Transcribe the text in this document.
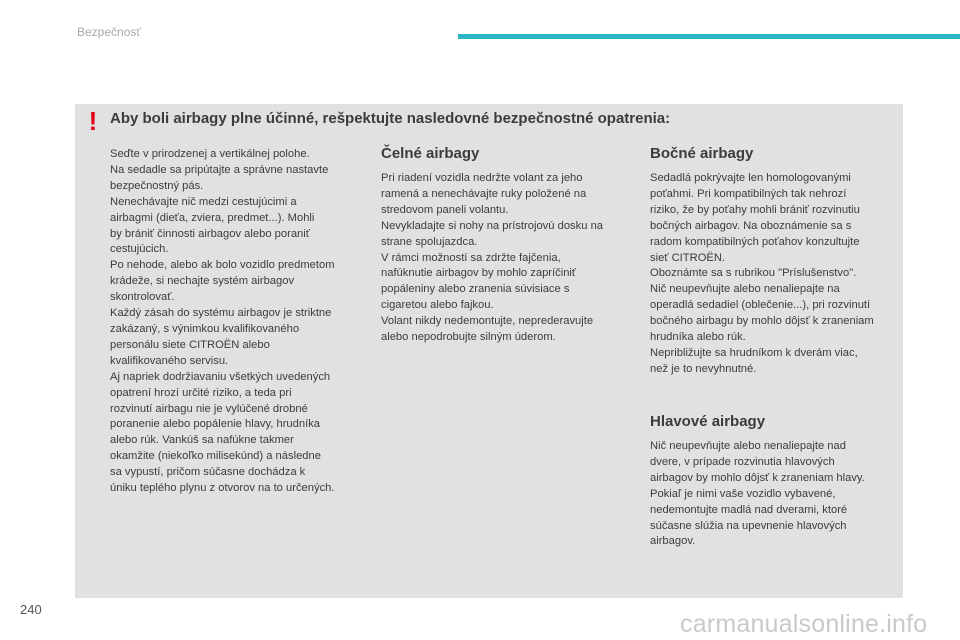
Bezpečnosť
! Aby boli airbagy plne účinné, rešpektujte nasledovné bezpečnostné opatrenia:

Seďte v prirodzenej a vertikálnej polohe.
Na sedadle sa pripútajte a správne nastavte
bezpečnostný pás.
Nenechávajte nič medzi cestujúcimi a
airbagmi (dieťa, zviera, predmet...). Mohli
by brániť činnosti airbagov alebo poraniť
cestujúcich.
Po nehode, alebo ak bolo vozidlo predmetom
krádeže, si nechajte systém airbagov
skontrolovať.
Každý zásah do systému airbagov je striktne
zakázaný, s výnimkou kvalifikovaného
personálu siete CITROËN alebo
kvalifikovaného servisu.
Aj napriek dodržiavaniu všetkých uvedených
opatrení hrozí určité riziko, a teda pri
rozvinutí airbagu nie je vylúčené drobné
poranenie alebo popálenie hlavy, hrudníka
alebo rúk. Vankúš sa nafúkne takmer
okamžite (niekoľko milisekúnd) a následne
sa vypustí, pričom súčasne dochádza k
úniku teplého plynu z otvorov na to určených.

Čelné airbagy

Pri riadení vozidla nedržte volant za jeho
ramená a nenechávajte ruky položené na
stredovom paneli volantu.
Nevykladajte si nohy na prístrojovú dosku na
strane spolujazdca.
V rámci možností sa zdržte fajčenia,
nafúknutie airbagov by mohlo zapríčiniť
popáleniny alebo zranenia súvisiace s
cigaretou alebo fajkou.
Volant nikdy nedemontujte, neprederavujte
alebo nepodrobujte silným úderom.

Bočné airbagy

Sedadlá pokrývajte len homologovanými
poťahmi. Pri kompatibilných tak nehrozí
riziko, že by poťahy mohli brániť rozvinutiu
bočných airbagov. Na oboznámenie sa s
radom kompatibilných poťahov konzultujte
sieť CITROËN.
Oboznámte sa s rubrikou "Príslušenstvo".
Nič neupevňujte alebo nenaliepajte na
operadlá sedadiel (oblečenie...), pri rozvinutí
bočného airbagu by mohlo dôjsť k zraneniam
hrudníka alebo rúk.
Nepribližujte sa hrudníkom k dverám viac,
než je to nevyhnutné.

Hlavové airbagy

Nič neupevňujte alebo nenaliepajte nad
dvere, v prípade rozvinutia hlavových
airbagov by mohlo dôjsť k zraneniam hlavy.
Pokiaľ je nimi vaše vozidlo vybavené,
nedemontujte madlá nad dverami, ktoré
súčasne slúžia na upevnenie hlavových
airbagov.

240
carmanualsonline.info
